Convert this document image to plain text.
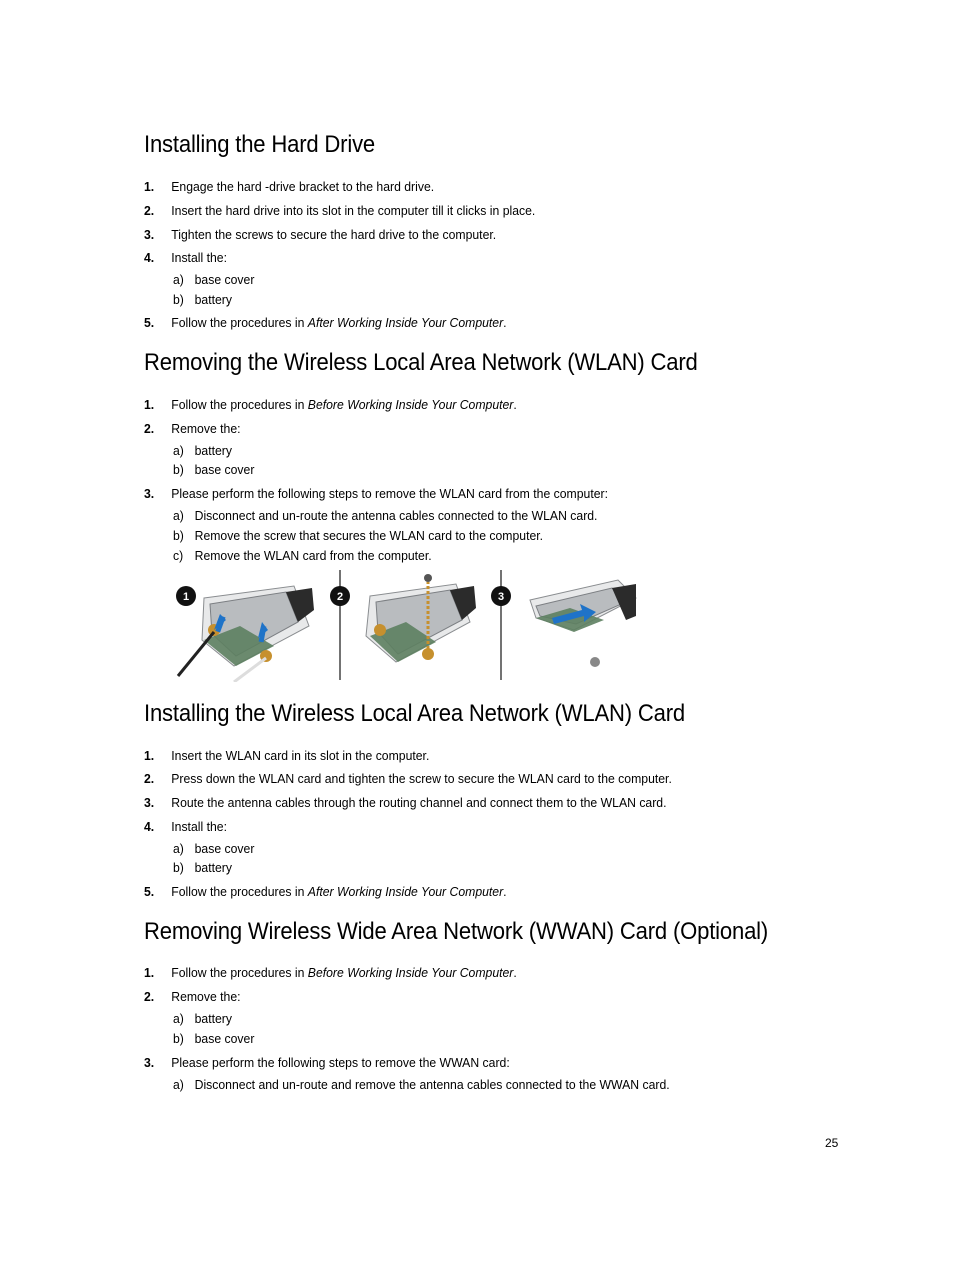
Installing the Hard Drive
1. Engage the hard -drive bracket to the hard drive.
2. Insert the hard drive into its slot in the computer till it clicks in place.
3. Tighten the screws to secure the hard drive to the computer.
4. Install the:
a) base cover
b) battery
5. Follow the procedures in After Working Inside Your Computer.
Removing the Wireless Local Area Network (WLAN) Card
1. Follow the procedures in Before Working Inside Your Computer.
2. Remove the:
a) battery
b) base cover
3. Please perform the following steps to remove the WLAN card from the computer:
a) Disconnect and un-route the antenna cables connected to the WLAN card.
b) Remove the screw that secures the WLAN card to the computer.
c) Remove the WLAN card from the computer.
1	2	3
Installing the Wireless Local Area Network (WLAN) Card
1. Insert the WLAN card in its slot in the computer.
2. Press down the WLAN card and tighten the screw to secure the WLAN card to the computer.
3. Route the antenna cables through the routing channel and connect them to the WLAN card.
4. Install the:
a) base cover
b) battery
5. Follow the procedures in After Working Inside Your Computer.
Removing Wireless Wide Area Network (WWAN) Card (Optional)
1. Follow the procedures in Before Working Inside Your Computer.
2. Remove the:
a) battery
b) base cover
3. Please perform the following steps to remove the WWAN card:
a) Disconnect and un-route and remove the antenna cables connected to the WWAN card.
25
